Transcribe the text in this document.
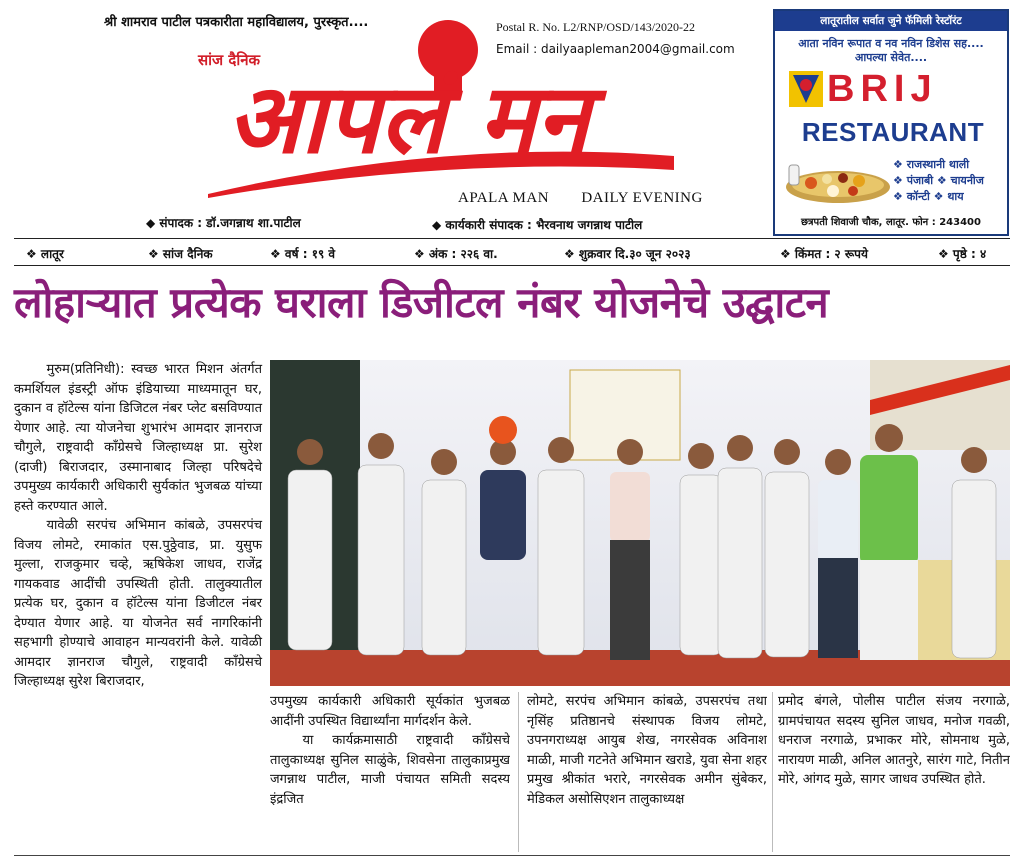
श्री शामराव पाटील पत्रकारीता महाविद्यालय, पुरस्कृत....
आपलं मन
सांज दैनिक
Postal R. No. L2/RNP/OSD/143/2020-22
Email : dailyaapleman2004@gmail.com
APALA MAN DAILY EVENING
◆ संपादक : डॉ.जगन्नाथ शा.पाटील	◆ कार्यकारी संपादक : भैरवनाथ जगन्नाथ पाटील
लातूरातील सर्वात जुने फॅमिली रेस्टॉरंट
आता नविन रूपात व नव नविन डिशेस सह....
आपल्या सेवेत....
BRIJ
RESTAURANT
❖ राजस्थानी थाली
❖ पंजाबी ❖ चायनीज
❖ कॉन्टी ❖ थाय
छत्रपती शिवाजी चौक, लातूर. फोन : 243400
❖ लातूर	❖ सांज दैनिक	❖ वर्ष : १९ वे	❖ अंक : २२६ वा.	❖ शुक्रवार दि.३० जून २०२३	❖ किंमत : २ रूपये	❖ पृष्ठे : ४
लोहाऱ्यात प्रत्येक घराला डिजीटल नंबर योजनेचे उद्घाटन

मुरुम(प्रतिनिधी): स्वच्छ भारत मिशन अंतर्गत कमर्शियल इंडस्ट्री ऑफ इंडियाच्या माध्यमातून घर, दुकान व हॉटेल्स यांना डिजिटल नंबर प्लेट बसविण्यात येणार आहे. त्या योजनेचा शुभारंभ आमदार ज्ञानराज चौगुले, राष्ट्रवादी काँग्रेसचे जिल्हाध्यक्ष प्रा. सुरेश (दाजी) बिराजदार, उस्मानाबाद जिल्हा परिषदेचे उपमुख्य कार्यकारी अधिकारी सुर्यकांत भुजबळ यांच्या हस्ते करण्यात आले.

यावेळी सरपंच अभिमान कांबळे, उपसरपंच विजय लोमटे, रमाकांत एस.पुठ्ठेवाड, प्रा. युसुफ मुल्ला, राजकुमार चव्हे, ऋषिकेश जाधव, राजेंद्र गायकवाड आदींची उपस्थिती होती. तालुक्यातील प्रत्येक घर, दुकान व हॉटेल्स यांना डिजीटल नंबर देण्यात येणार आहे. या योजनेत सर्व नागरिकांनी सहभागी होण्याचे आवाहन मान्यवरांनी केले. यावेळी आमदार ज्ञानराज चौगुले, राष्ट्रवादी काँग्रेसचे जिल्हाध्यक्ष सुरेश बिराजदार,

उपमुख्य कार्यकारी अधिकारी सूर्यकांत भुजबळ आदींनी उपस्थित विद्यार्थ्यांना मार्गदर्शन केले.

या कार्यक्रमासाठी राष्ट्रवादी काँग्रेसचे तालुकाध्यक्ष सुनिल साळुंके, शिवसेना तालुकाप्रमुख जगन्नाथ पाटील, माजी पंचायत समिती सदस्य इंद्रजित

लोमटे, सरपंच अभिमान कांबळे, उपसरपंच तथा नृसिंह प्रतिष्ठानचे संस्थापक विजय लोमटे, उपनगराध्यक्ष आयुब शेख, नगरसेवक अविनाश माळी, माजी गटनेते अभिमान खराडे, युवा सेना शहर प्रमुख श्रीकांत भरारे, नगरसेवक अमीन सुंबेकर, मेडिकल असोसिएशन तालुकाध्यक्ष

प्रमोद बंगले, पोलीस पाटील संजय नरगाळे, ग्रामपंचायत सदस्य सुनिल जाधव, मनोज गवळी, धनराज नरगाळे, प्रभाकर मोरे, सोमनाथ मुळे, नारायण माळी, अनिल आतनुरे, सारंग गाटे, नितीन मोरे, आंगद मुळे, सागर जाधव उपस्थित होते.
